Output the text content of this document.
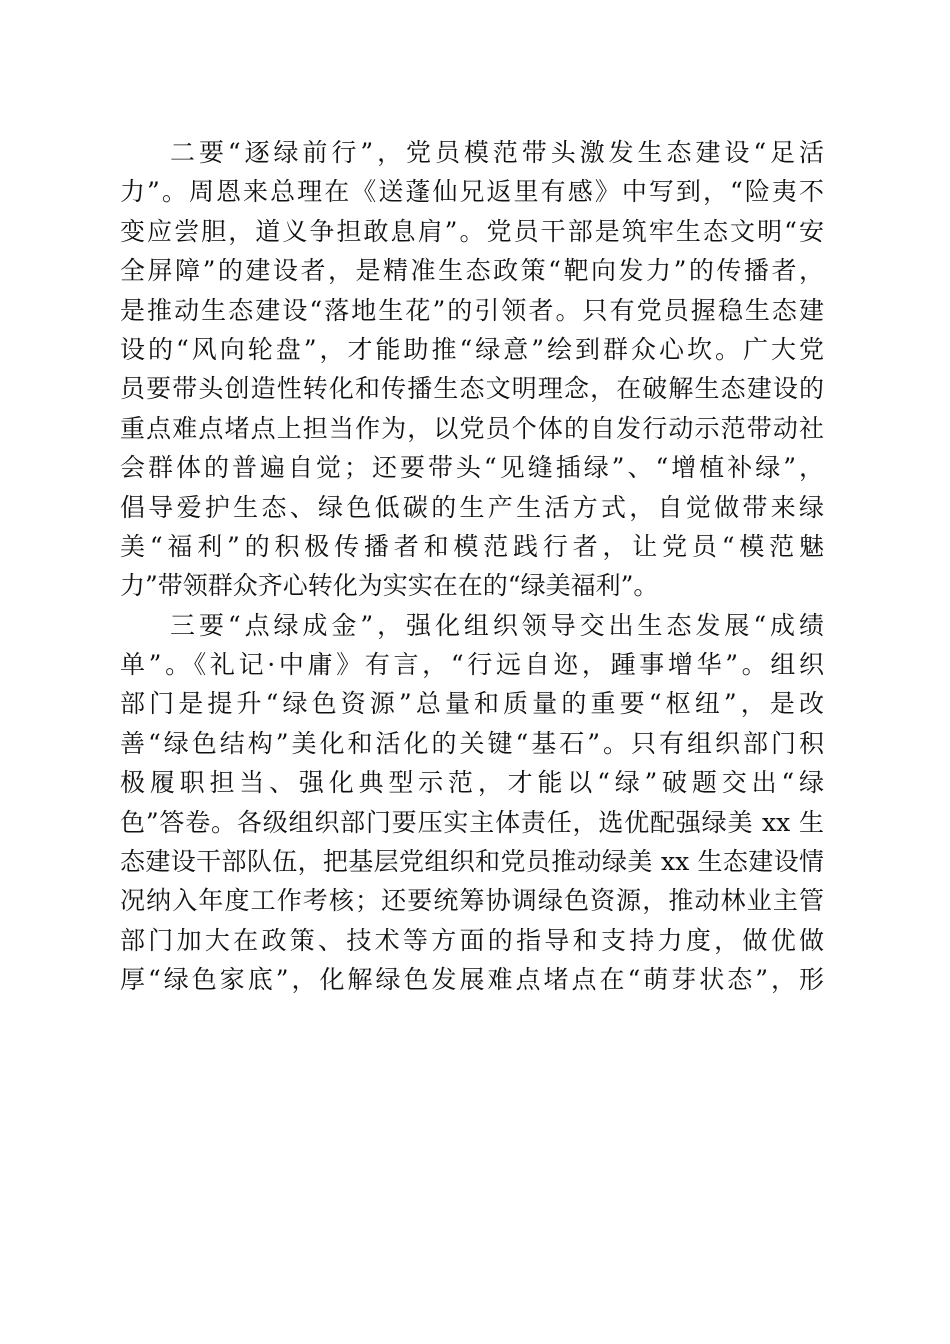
二要“逐绿前行”，党员模范带头激发生态建设“足活
力”。周恩来总理在《送蓬仙兄返里有感》中写到，“险夷不
变应尝胆，道义争担敢息肩”。党员干部是筑牢生态文明“安
全屏障”的建设者，是精准生态政策“靶向发力”的传播者，
是推动生态建设“落地生花”的引领者。只有党员握稳生态建
设的“风向轮盘”，才能助推“绿意”绘到群众心坎。广大党
员要带头创造性转化和传播生态文明理念，在破解生态建设的
重点难点堵点上担当作为，以党员个体的自发行动示范带动社
会群体的普遍自觉；还要带头“见缝插绿”、“增植补绿”，
倡导爱护生态、绿色低碳的生产生活方式，自觉做带来绿
美“福利”的积极传播者和模范践行者，让党员“模范魅
力”带领群众齐心转化为实实在在的“绿美福利”。
三要“点绿成金”，强化组织领导交出生态发展“成绩
单”。《礼记·中庸》有言，“行远自迩，踵事增华”。组织
部门是提升“绿色资源”总量和质量的重要“枢纽”，是改
善“绿色结构”美化和活化的关键“基石”。只有组织部门积
极履职担当、强化典型示范，才能以“绿”破题交出“绿
色”答卷。各级组织部门要压实主体责任，选优配强绿美 xx 生
态建设干部队伍，把基层党组织和党员推动绿美 xx 生态建设情
况纳入年度工作考核；还要统筹协调绿色资源，推动林业主管
部门加大在政策、技术等方面的指导和支持力度，做优做
厚“绿色家底”，化解绿色发展难点堵点在“萌芽状态”，形
